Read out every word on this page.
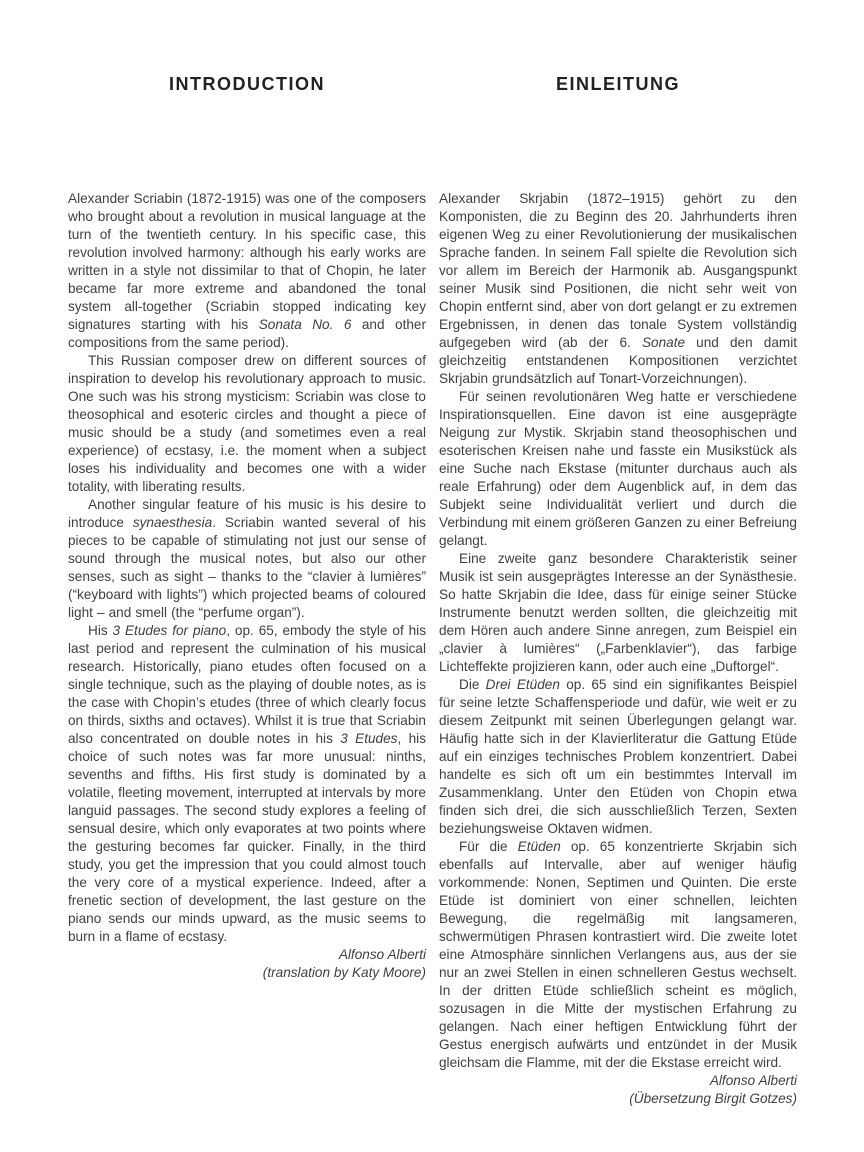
INTRODUCTION

Alexander Scriabin (1872-1915) was one of the composers who brought about a revolution in musical language at the turn of the twentieth century. In his specific case, this revolution involved harmony: although his early works are written in a style not dissimilar to that of Chopin, he later became far more extreme and abandoned the tonal system all-together (Scriabin stopped indicating key signatures starting with his Sonata No. 6 and other compositions from the same period).

This Russian composer drew on different sources of inspiration to develop his revolutionary approach to music. One such was his strong mysticism: Scriabin was close to theosophical and esoteric circles and thought a piece of music should be a study (and sometimes even a real experience) of ecstasy, i.e. the moment when a subject loses his individuality and becomes one with a wider totality, with liberating results.

Another singular feature of his music is his desire to introduce synaesthesia. Scriabin wanted several of his pieces to be capable of stimulating not just our sense of sound through the musical notes, but also our other senses, such as sight – thanks to the “clavier à lumières” (“keyboard with lights”) which projected beams of coloured light – and smell (the “perfume organ”).

His 3 Etudes for piano, op. 65, embody the style of his last period and represent the culmination of his musical research. Historically, piano etudes often focused on a single technique, such as the playing of double notes, as is the case with Chopin’s etudes (three of which clearly focus on thirds, sixths and octaves). Whilst it is true that Scriabin also concentrated on double notes in his 3 Etudes, his choice of such notes was far more unusual: ninths, sevenths and fifths. His first study is dominated by a volatile, fleeting movement, interrupted at intervals by more languid passages. The second study explores a feeling of sensual desire, which only evaporates at two points where the gesturing becomes far quicker. Finally, in the third study, you get the impression that you could almost touch the very core of a mystical experience. Indeed, after a frenetic section of development, the last gesture on the piano sends our minds upward, as the music seems to burn in a flame of ecstasy.

Alfonso Alberti
(translation by Katy Moore)
EINLEITUNG

Alexander Skrjabin (1872–1915) gehört zu den Komponisten, die zu Beginn des 20. Jahrhunderts ihren eigenen Weg zu einer Revolutionierung der musikalischen Sprache fanden. In seinem Fall spielte die Revolution sich vor allem im Bereich der Harmonik ab. Ausgangspunkt seiner Musik sind Positionen, die nicht sehr weit von Chopin entfernt sind, aber von dort gelangt er zu extremen Ergebnissen, in denen das tonale System vollständig aufgegeben wird (ab der 6. Sonate und den damit gleichzeitig entstandenen Kompositionen verzichtet Skrjabin grundsätzlich auf Tonart-Vorzeichnungen).

Für seinen revolutionären Weg hatte er verschiedene Inspirationsquellen. Eine davon ist eine ausgeprägte Neigung zur Mystik. Skrjabin stand theosophischen und esoterischen Kreisen nahe und fasste ein Musikstück als eine Suche nach Ekstase (mitunter durchaus auch als reale Erfahrung) oder dem Augenblick auf, in dem das Subjekt seine Individualität verliert und durch die Verbindung mit einem größeren Ganzen zu einer Befreiung gelangt.

Eine zweite ganz besondere Charakteristik seiner Musik ist sein ausgeprägtes Interesse an der Synästhesie. So hatte Skrjabin die Idee, dass für einige seiner Stücke Instrumente benutzt werden sollten, die gleichzeitig mit dem Hören auch andere Sinne anregen, zum Beispiel ein „clavier à lumières“ („Farbenklavier“), das farbige Lichteffekte projizieren kann, oder auch eine „Duftorgel“.

Die Drei Etüden op. 65 sind ein signifikantes Beispiel für seine letzte Schaffensperiode und dafür, wie weit er zu diesem Zeitpunkt mit seinen Überlegungen gelangt war. Häufig hatte sich in der Klavierliteratur die Gattung Etüde auf ein einziges technisches Problem konzentriert. Dabei handelte es sich oft um ein bestimmtes Intervall im Zusammenklang. Unter den Etüden von Chopin etwa finden sich drei, die sich ausschließlich Terzen, Sexten beziehungsweise Oktaven widmen.

Für die Etüden op. 65 konzentrierte Skrjabin sich ebenfalls auf Intervalle, aber auf weniger häufig vorkommende: Nonen, Septimen und Quinten. Die erste Etüde ist dominiert von einer schnellen, leichten Bewegung, die regelmäßig mit langsameren, schwermütigen Phrasen kontrastiert wird. Die zweite lotet eine Atmosphäre sinnlichen Verlangens aus, aus der sie nur an zwei Stellen in einen schnelleren Gestus wechselt. In der dritten Etüde schließlich scheint es möglich, sozusagen in die Mitte der mystischen Erfahrung zu gelangen. Nach einer heftigen Entwicklung führt der Gestus energisch aufwärts und entzündet in der Musik gleichsam die Flamme, mit der die Ekstase erreicht wird.

Alfonso Alberti
(Übersetzung Birgit Gotzes)
